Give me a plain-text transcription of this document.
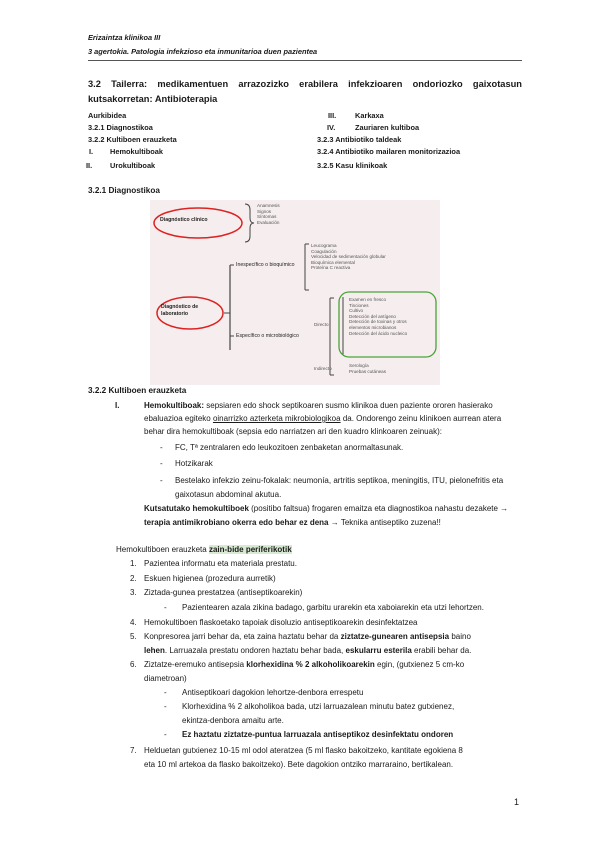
Erizaintza klinikoa III
3 agertokia. Patologia infekzioso eta inmunitarioa duen pazientea
3.2 Tailerra: medikamentuen arrazozizko erabilera infekzioaren ondoriozko gaixotasun kutsakorretan: Antibioterapia
Aurkibidea
3.2.1 Diagnostikoa
3.2.2 Kultiboen erauzketa
I. Hemokultiboak
II. Urokultiboak
III.	Karkaxa
IV.	Zauriaren kultiboa
3.2.3 Antibiotiko taldeak
3.2.4 Antibiotiko mailaren monitorizazioa
3.2.5 Kasu klinikoak
3.2.1 Diagnostikoa
Diagnóstico clínico
Anamnesis
Signos
Síntomas
Evaluación
Diagnóstico de laboratorio
Inespecífico o bioquímico
Leucograma
Coagulación
Velocidad de sedimentación globular
Bioquímica elemental
Proteína C reactiva
Específico o microbiológico
Directo
Examen en fresco
Tinciones
Cultivo
Detección del antígeno
Detección de toxinas y otros
elementos microbianos
Detección del ácido nucleico
Indirecto
Serología
Pruebas cutáneas
3.2.2 Kultiboen erauzketa
I.	Hemokultiboak: sepsiaren edo shock septikoaren susmo klinikoa duen paziente ororen hasierako
ebaluazioa egiteko oinarrizko azterketa mikrobiologikoa da. Ondorengo zeinu klinikoen aurrean atera
behar dira hemokultiboak (sepsia edo narriatzen ari den kuadro klinkoaren zeinuak):
- FC, Tª zentralaren edo leukozitoen zenbaketan anormaltasunak.
- Hotzikarak
- Bestelako infekzio zeinu-fokalak: neumonía, artritis septikoa, meningitis, ITU, pielonefritis eta
gaixotasun abdominal akutua.
Kutsatutako hemokultiboek (positibo faltsua) frogaren emaitza eta diagnostikoa nahastu dezakete →
terapia antimikrobiano okerra edo behar ez dena → Teknika antiseptiko zuzena!!
Hemokultiboen erauzketa zain-bide periferikotik
1. Pazientea informatu eta materiala prestatu.
2. Eskuen higienea (prozedura aurretik)
3. Ziztada-gunea prestatzea (antiseptikoarekin)
- Pazientearen azala zikina badago, garbitu urarekin eta xaboiarekin eta utzi lehortzen.
4. Hemokultiboen flaskoetako tapoiak disoluzio antiseptikoarekin desinfektatzea
5. Konpresorea jarri behar da, eta zaina haztatu behar da ziztatze-gunearen antisepsia baino
lehen. Larruazala prestatu ondoren haztatu behar bada, eskularru esterila erabili behar da.
6. Ziztatze-eremuko antisepsia klorhexidina % 2 alkoholikoarekin egin, (gutxienez 5 cm-ko
diametroan)
- Antiseptikoari dagokion lehortze-denbora errespetu
- Klorhexidina % 2 alkoholikoa bada, utzi larruazalean minutu batez gutxienez,
ekintza-denbora amaitu arte.
- Ez haztatu ziztatze-puntua larruazala antiseptikoz desinfektatu ondoren
7. Helduetan gutxienez 10-15 ml odol ateratzea (5 ml flasko bakoitzeko, kantitate egokiena 8
eta 10 ml artekoa da flasko bakoitzeko). Bete dagokion ontziko marraraino, bertikalean.
1
